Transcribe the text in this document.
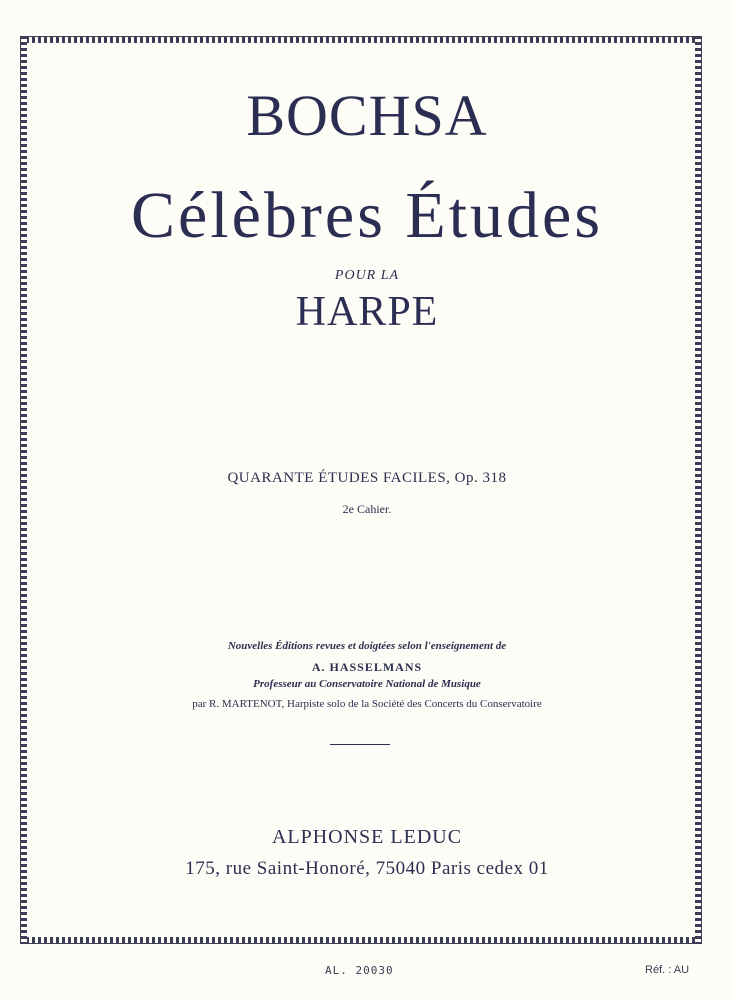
BOCHSA
Célèbres Études
POUR LA
HARPE
QUARANTE ÉTUDES FACILES, Op. 318
2e Cahier.
Nouvelles Éditions revues et doigtées selon l'enseignement de
A. HASSELMANS
Professeur au Conservatoire National de Musique
par R. MARTENOT, Harpiste solo de la Société des Concerts du Conservatoire
ALPHONSE LEDUC
175, rue Saint-Honoré, 75040 Paris cedex 01
AL. 20030	Réf. : AU
